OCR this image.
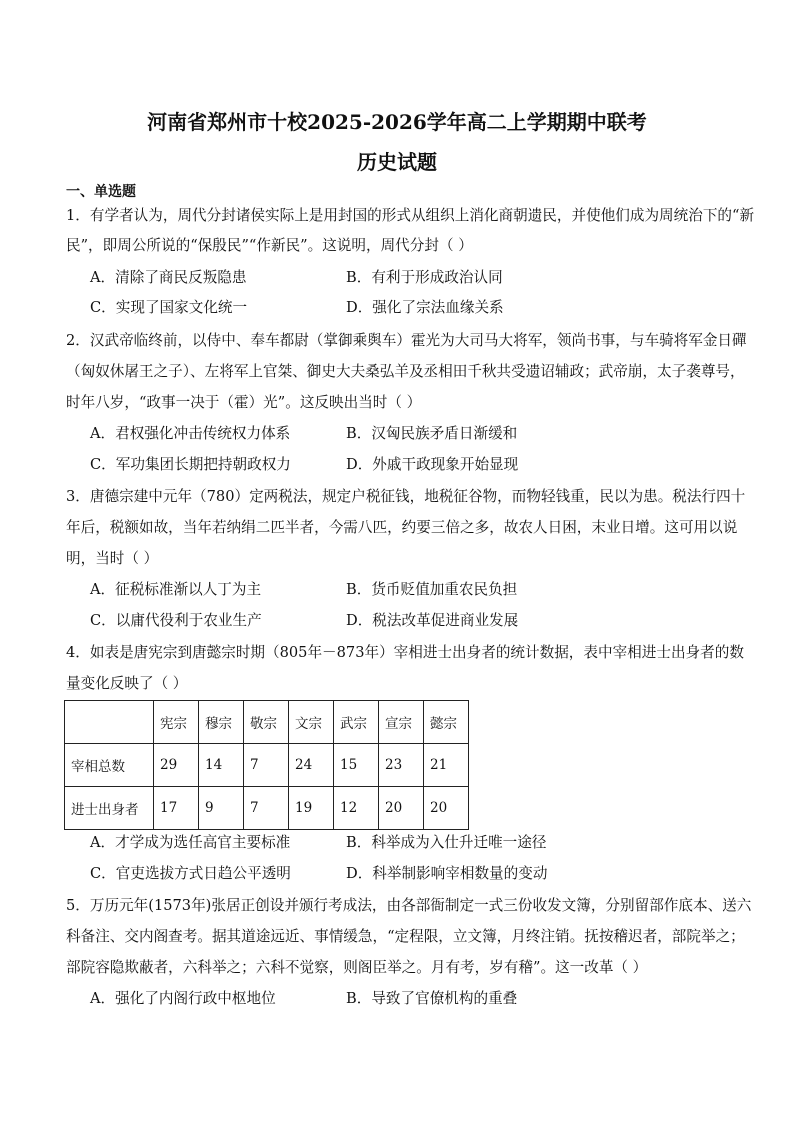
河南省郑州市十校2025-2026学年高二上学期期中联考
历史试题
一、单选题
1．有学者认为，周代分封诸侯实际上是用封国的形式从组织上消化商朝遗民，并使他们成为周统治下的“新
民”，即周公所说的“保殷民”“作新民”。这说明，周代分封（ ）
A．清除了商民反叛隐患	B．有利于形成政治认同
C．实现了国家文化统一	D．强化了宗法血缘关系
2．汉武帝临终前，以侍中、奉车都尉（掌御乘舆车）霍光为大司马大将军，领尚书事，与车骑将军金日磾
（匈奴休屠王之子）、左将军上官桀、御史大夫桑弘羊及丞相田千秋共受遗诏辅政；武帝崩，太子袭尊号，
时年八岁，“政事一决于（霍）光”。这反映出当时（ ）
A．君权强化冲击传统权力体系	B．汉匈民族矛盾日渐缓和
C．军功集团长期把持朝政权力	D．外戚干政现象开始显现
3．唐德宗建中元年（780）定两税法，规定户税征钱，地税征谷物，而物轻钱重，民以为患。税法行四十
年后，税额如故，当年若纳绢二匹半者，今需八匹，约要三倍之多，故农人日困，末业日增。这可用以说
明，当时（ ）
A．征税标准渐以人丁为主	B．货币贬值加重农民负担
C．以庸代役利于农业生产	D．税法改革促进商业发展
4．如表是唐宪宗到唐懿宗时期（805年－873年）宰相进士出身者的统计数据，表中宰相进士出身者的数
量变化反映了（ ）
	宪宗	穆宗	敬宗	文宗	武宗	宣宗	懿宗
宰相总数	29	14	7	24	15	23	21
进士出身者	17	9	7	19	12	20	20
A．才学成为选任高官主要标准	B．科举成为入仕升迁唯一途径
C．官吏选拔方式日趋公平透明	D．科举制影响宰相数量的变动
5．万历元年(1573年)张居正创设并颁行考成法，由各部衙制定一式三份收发文簿，分别留部作底本、送六
科备注、交内阁查考。据其道途远近、事情缓急，“定程限，立文簿，月终注销。抚按稽迟者，部院举之；
部院容隐欺蔽者，六科举之；六科不觉察，则阁臣举之。月有考，岁有稽”。这一改革（ ）
A．强化了内阁行政中枢地位	B．导致了官僚机构的重叠
